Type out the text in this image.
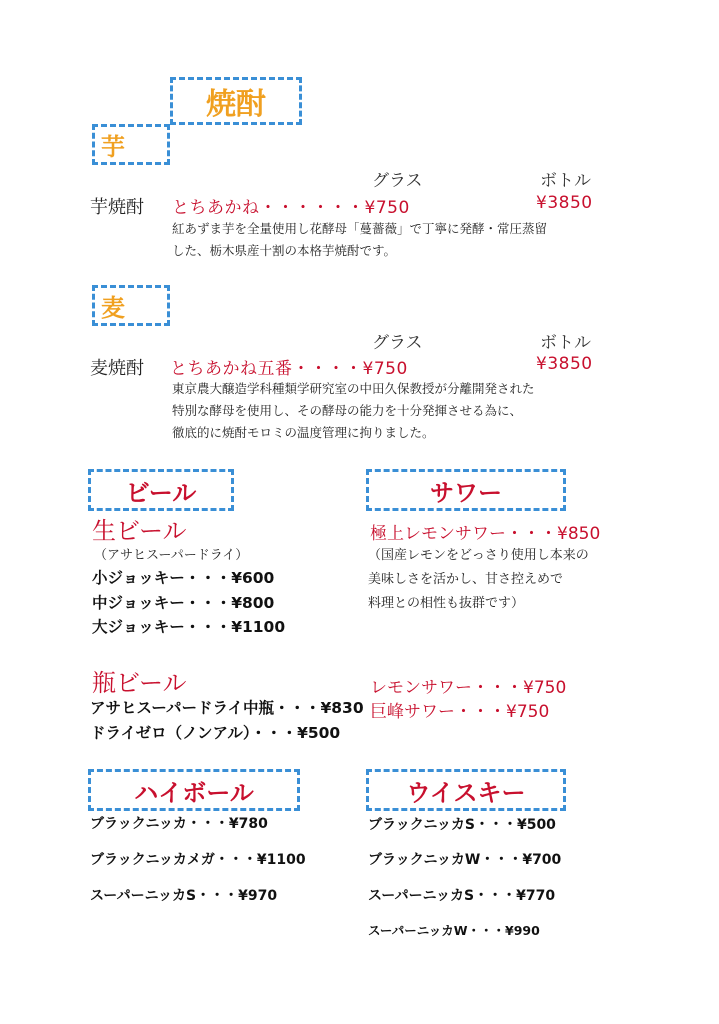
焼酎
芋
グラス	ボトル
芋焼酎 とちあかね・・・・・・¥750	¥3850
紅あずま芋を全量使用し花酵母「蔓薔薇」で丁寧に発酵・常圧蒸留
した、栃木県産十割の本格芋焼酎です。
麦
グラス	ボトル
麦焼酎 とちあかね五番・・・・¥750	¥3850
東京農大醸造学科種類学研究室の中田久保教授が分離開発された
特別な酵母を使用し、その酵母の能力を十分発揮させる為に、
徹底的に焼酎モロミの温度管理に拘りました。
ビール
生ビール
（アサヒスーパードライ）
小ジョッキー・・・¥600
中ジョッキー・・・¥800
大ジョッキー・・・¥1100
瓶ビール
アサヒスーパードライ中瓶・・・¥830
ドライゼロ（ノンアル）・・・¥500
サワー
極上レモンサワー・・・¥850
（国産レモンをどっさり使用し本来の
美味しさを活かし、甘さ控えめで
料理との相性も抜群です）
レモンサワー・・・¥750
巨峰サワー・・・¥750
ハイボール
ブラックニッカ・・・¥780
ブラックニッカメガ・・・¥1100
スーパーニッカS・・・¥970
ウイスキー
ブラックニッカS・・・¥500
ブラックニッカW・・・¥700
スーパーニッカS・・・¥770
スーパーニッカW・・・¥990
